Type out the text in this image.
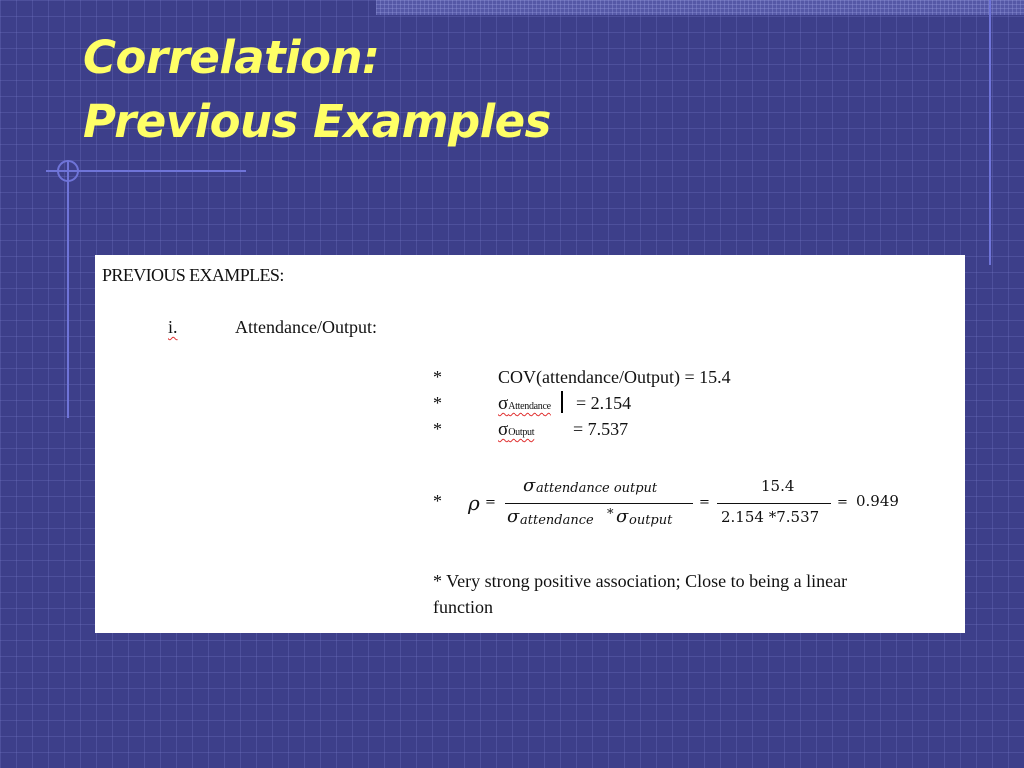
Correlation:
Previous Examples
PREVIOUS EXAMPLES:
i.	Attendance/Output:
*	COV(attendance/Output) = 15.4
*	σAttendance = 2.154
*	σOutput = 7.537
* ρ =
σ attendance output
σ attendance * σ output
=
15.4
2.154 *7.537
= 0.949
* Very strong positive association; Close to being a linear
function
